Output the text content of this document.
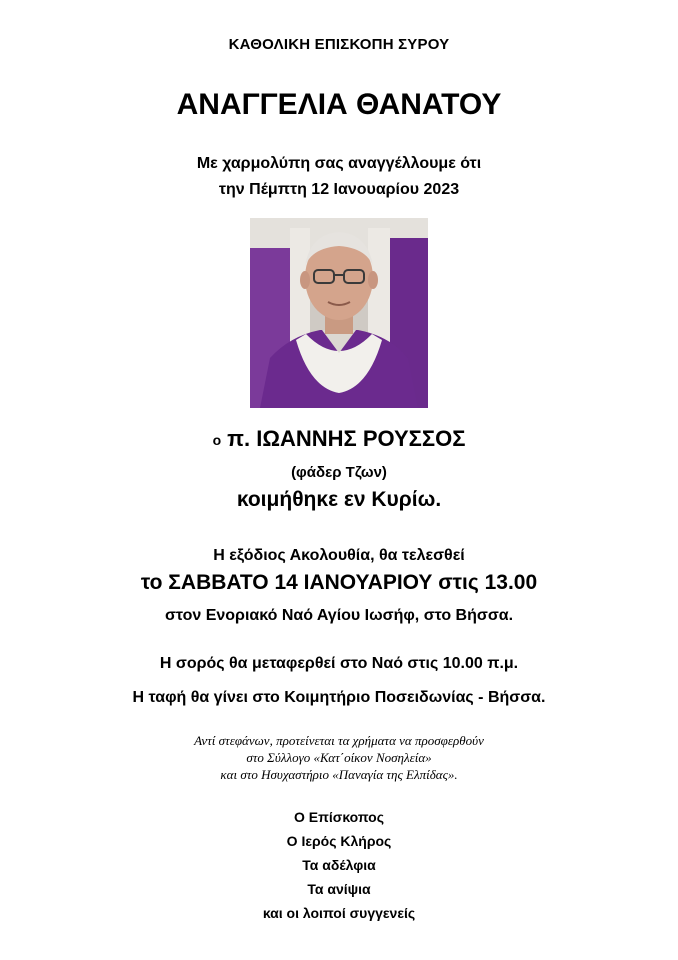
ΚΑΘΟΛΙΚΗ ΕΠΙΣΚΟΠΗ ΣΥΡΟΥ
ΑΝΑΓΓΕΛΙΑ ΘΑΝΑΤΟΥ
Με χαρμολύπη σας αναγγέλλουμε ότι
την Πέμπτη 12 Ιανουαρίου 2023
ο π. ΙΩΑΝΝΗΣ ΡΟΥΣΣΟΣ
(φάδερ Τζων)
κοιμήθηκε εν Κυρίω.
Η εξόδιος Ακολουθία, θα τελεσθεί
το ΣΑΒΒΑΤΟ 14 ΙΑΝΟΥΑΡΙΟΥ στις 13.00
στον Ενοριακό Ναό Αγίου Ιωσήφ, στο Βήσσα.
Η σορός θα μεταφερθεί στο Ναό στις 10.00 π.μ.
Η ταφή θα γίνει στο Κοιμητήριο Ποσειδωνίας - Βήσσα.
Αντί στεφάνων, προτείνεται τα χρήματα να προσφερθούν
στο Σύλλογο «Κατ΄οίκον Νοσηλεία»
και στο Ησυχαστήριο «Παναγία της Ελπίδας».
Ο Επίσκοπος
Ο Ιερός Κλήρος
Τα αδέλφια
Τα ανίψια
και οι λοιποί συγγενείς
